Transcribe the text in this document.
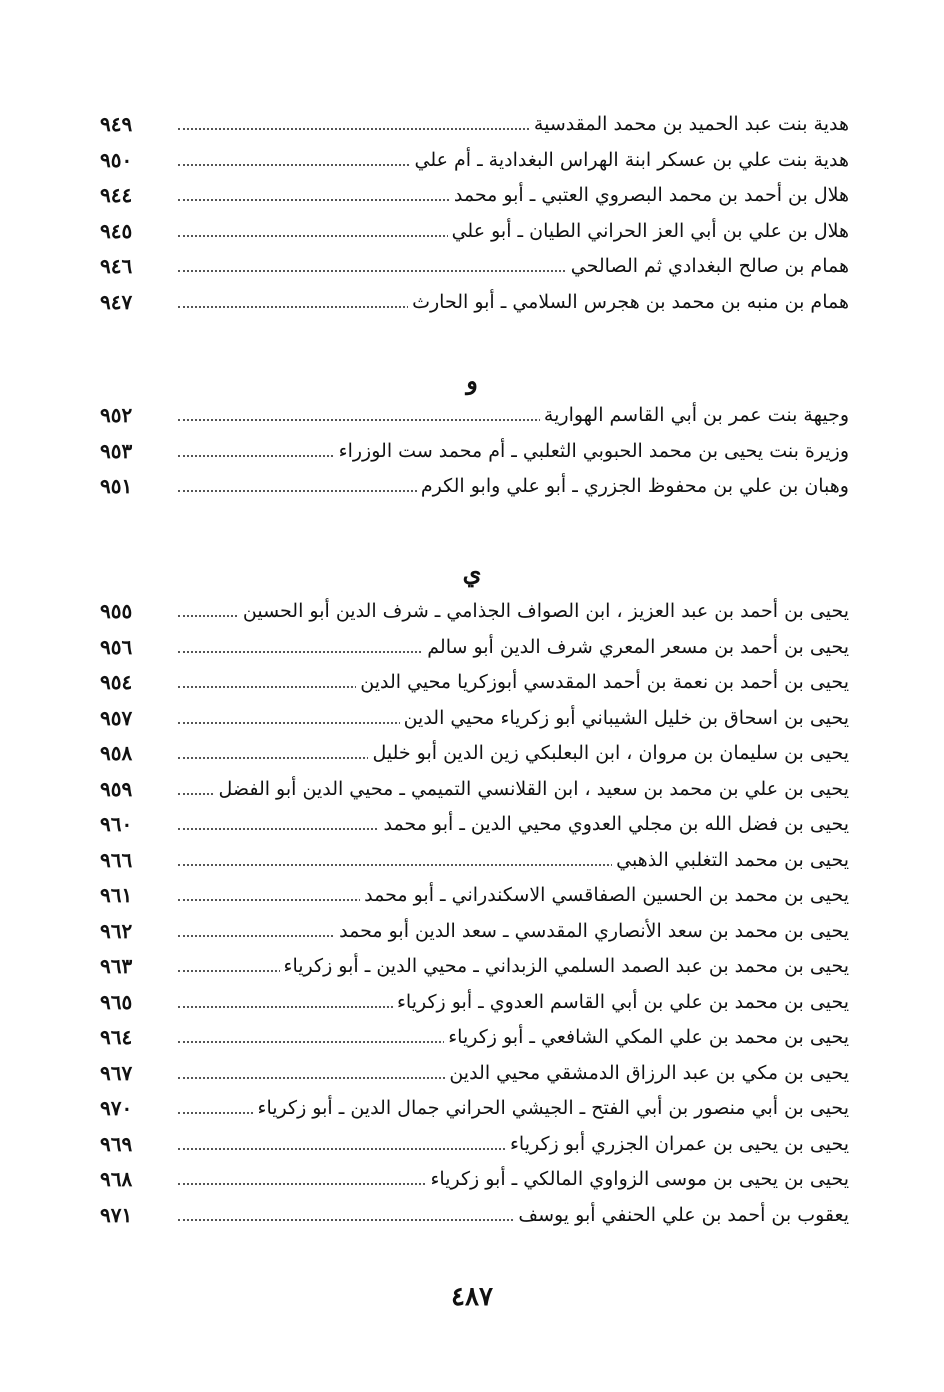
هدية بنت عبد الحميد بن محمد المقدسية
٩٤٩
هدية بنت علي بن عسكر ابنة الهراس البغدادية ـ أم علي
٩٥٠
هلال بن أحمد بن محمد البصروي العتبي ـ أبو محمد
٩٤٤
هلال بن علي بن أبي العز الحراني الطيان ـ أبو علي
٩٤٥
همام بن صالح البغدادي ثم الصالحي
٩٤٦
همام بن منبه بن محمد بن هجرس السلامي ـ أبو الحارث
٩٤٧
و
وجيهة بنت عمر بن أبي القاسم الهوارية
٩٥٢
وزيرة بنت يحيى بن محمد الحبوبي الثعلبي ـ أم محمد ست الوزراء
٩٥٣
وهبان بن علي بن محفوظ الجزري ـ أبو علي وابو الكرم
٩٥١
ي
يحيى بن أحمد بن عبد العزيز ، ابن الصواف الجذامي ـ شرف الدين أبو الحسين
٩٥٥
يحيى بن أحمد بن مسعر المعري شرف الدين أبو سالم
٩٥٦
يحيى بن أحمد بن نعمة بن أحمد المقدسي أبوزكريا محيي الدين
٩٥٤
يحيى بن اسحاق بن خليل الشيباني أبو زكرياء محيي الدين
٩٥٧
يحيى بن سليمان بن مروان ، ابن البعلبكي زين الدين أبو خليل
٩٥٨
يحيى بن علي بن محمد بن سعيد ، ابن القلانسي التميمي ـ محيي الدين أبو الفضل
٩٥٩
يحيى بن فضل الله بن مجلي العدوي محيي الدين ـ أبو محمد
٩٦٠
يحيى بن محمد التغلبي الذهبي
٩٦٦
يحيى بن محمد بن الحسين الصفاقسي الاسكندراني ـ أبو محمد
٩٦١
يحيى بن محمد بن سعد الأنصاري المقدسي ـ سعد الدين أبو محمد
٩٦٢
يحيى بن محمد بن عبد الصمد السلمي الزبداني ـ محيي الدين ـ أبو زكرياء
٩٦٣
يحيى بن محمد بن علي بن أبي القاسم العدوي ـ أبو زكرياء
٩٦٥
يحيى بن محمد بن علي المكي الشافعي ـ أبو زكرياء
٩٦٤
يحيى بن مكي بن عبد الرزاق الدمشقي محيي الدين
٩٦٧
يحيى بن أبي منصور بن أبي الفتح ـ الجيشي الحراني جمال الدين ـ أبو زكرياء
٩٧٠
يحيى بن يحيى بن عمران الجزري أبو زكرياء
٩٦٩
يحيى بن يحيى بن موسى الزواوي المالكي ـ أبو زكرياء
٩٦٨
يعقوب بن أحمد بن علي الحنفي أبو يوسف
٩٧١
٤٨٧
